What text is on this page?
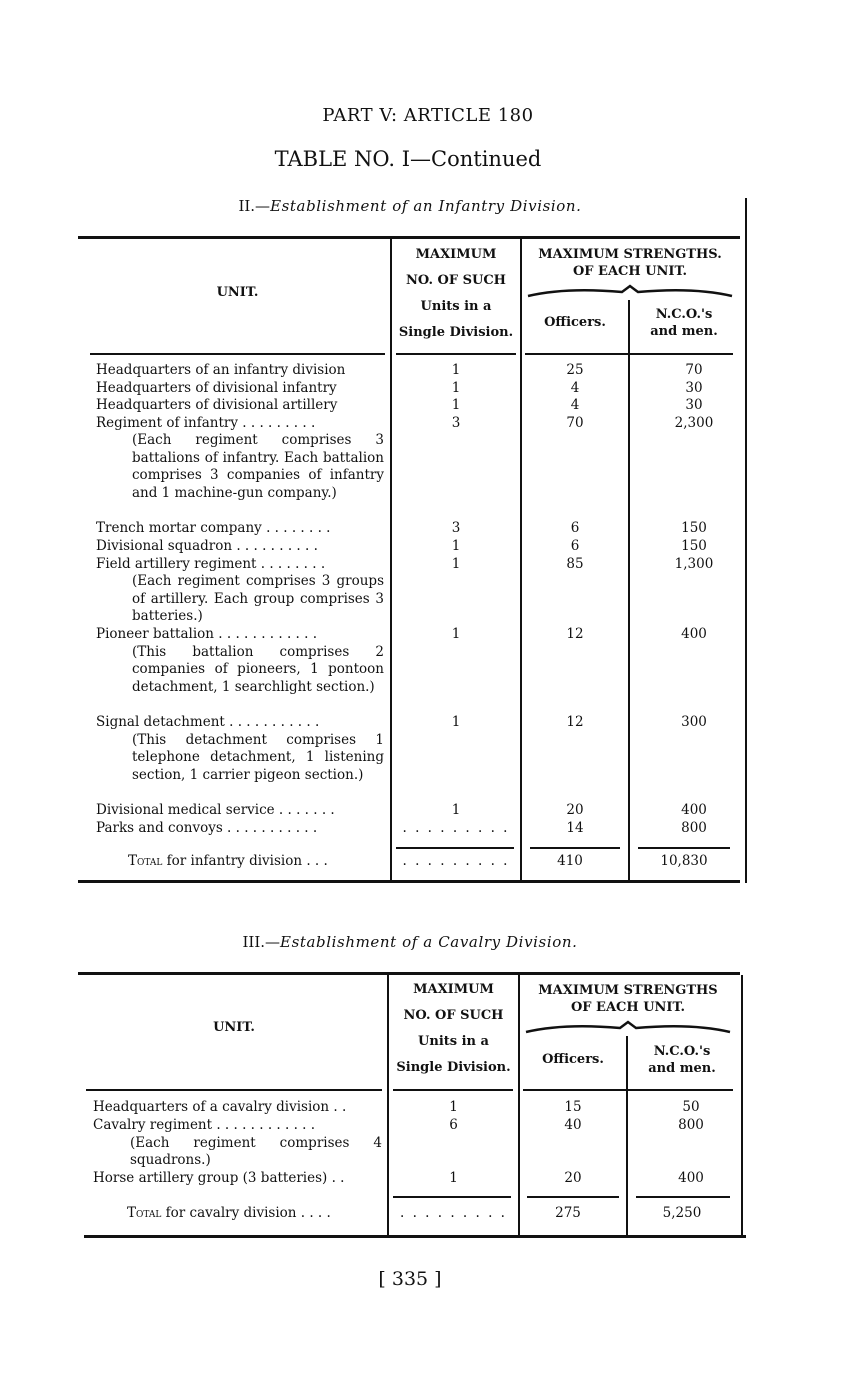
PART V: ARTICLE 180
TABLE NO. I—Continued
II.—Establishment of an Infantry Division.
UNIT.
MAXIMUM
NO. OF SUCH
Units in a
Single Division.
MAXIMUM STRENGTHS.
OF EACH UNIT.
Officers.
N.C.O.'s
and men.
Headquarters of an infantry division	1	25	70
Headquarters of divisional infantry	1	4	30
Headquarters of divisional artillery	1	4	30
Regiment of infantry . . . . . . . . .	3	70	2,300
(Each regiment comprises 3 battalions of infantry. Each battalion comprises 3 companies of infantry and 1 machine-gun company.)
Trench mortar company . . . . . . . .	3	6	150
Divisional squadron . . . . . . . . . .	1	6	150
Field artillery regiment . . . . . . . .	1	85	1,300
(Each regiment comprises 3 groups of artillery. Each group comprises 3 batteries.)
Pioneer battalion . . . . . . . . . . . .	1	12	400
(This battalion comprises 2 companies of pioneers, 1 pontoon detachment, 1 searchlight section.)
Signal detachment . . . . . . . . . . .	1	12	300
(This detachment comprises 1 telephone detachment, 1 listening section, 1 carrier pigeon section.)
Divisional medical service . . . . . . .	1	20	400
Parks and convoys . . . . . . . . . . .	. . . . . . . . .	14	800
Total for infantry division . . .	. . . . . . . . .	410	10,830
III.—Establishment of a Cavalry Division.
UNIT.
MAXIMUM
NO. OF SUCH
Units in a
Single Division.
MAXIMUM STRENGTHS
OF EACH UNIT.
Officers.
N.C.O.'s
and men.
Headquarters of a cavalry division . .	1	15	50
Cavalry regiment . . . . . . . . . . . .	6	40	800
(Each regiment comprises 4 squadrons.)
Horse artillery group (3 batteries) . .	1	20	400
Total for cavalry division . . . .	. . . . . . . . .	275	5,250
[ 335 ]
